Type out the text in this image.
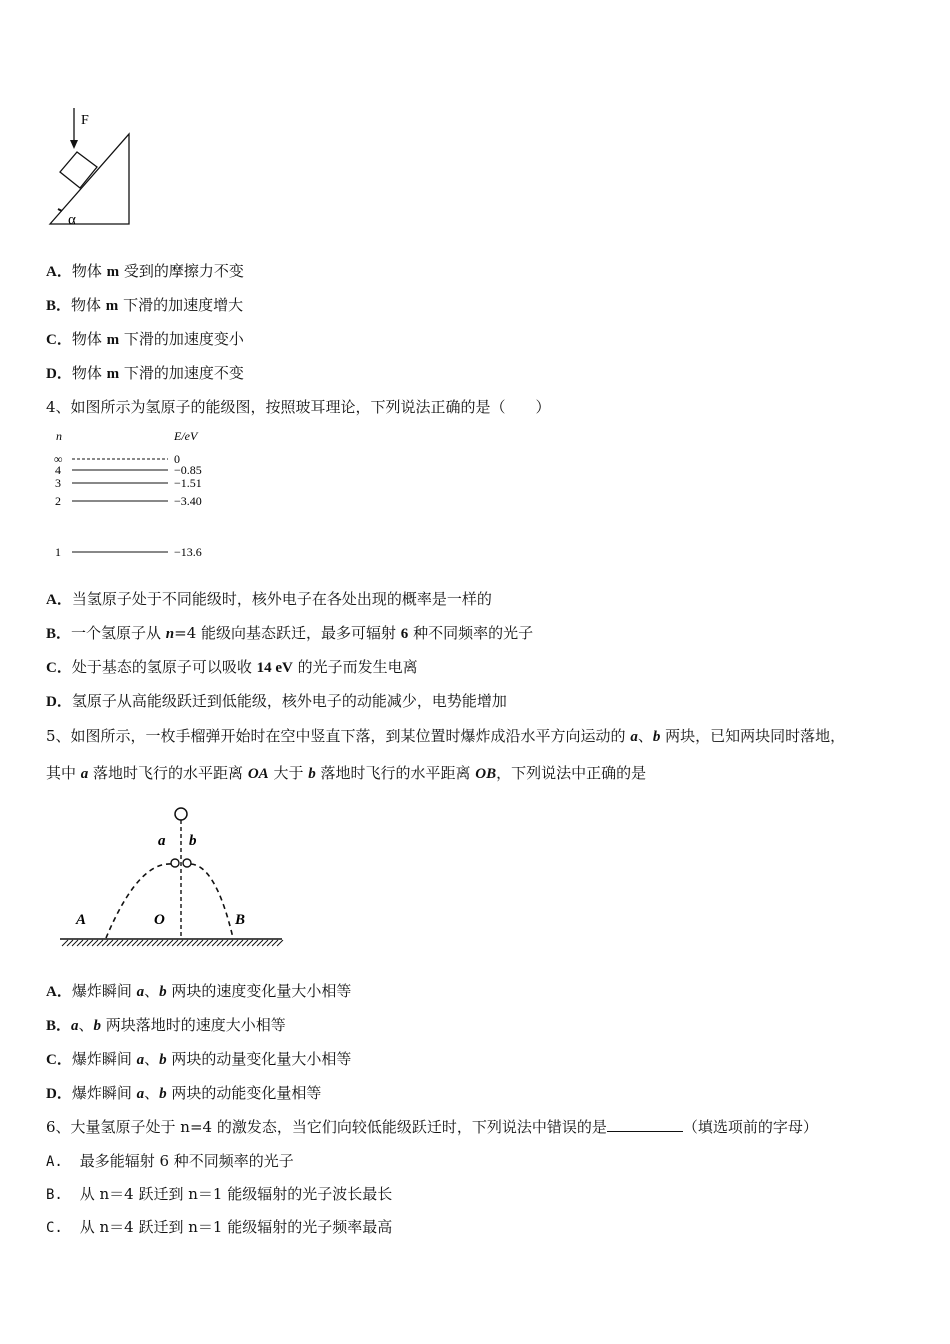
F
α
A．物体 m 受到的摩擦力不变
B．物体 m 下滑的加速度增大
C．物体 m 下滑的加速度变小
D．物体 m 下滑的加速度不变
4、如图所示为氢原子的能级图，按照玻耳理论，下列说法正确的是（　　）
n	E/eV
∞	0
4	−0.85
3	−1.51
2	−3.40
1	−13.6
A．当氢原子处于不同能级时，核外电子在各处出现的概率是一样的
B．一个氢原子从 n=4 能级向基态跃迁，最多可辐射 6 种不同频率的光子
C．处于基态的氢原子可以吸收 14 eV 的光子而发生电离
D．氢原子从高能级跃迁到低能级，核外电子的动能减少，电势能增加
5、如图所示，一枚手榴弹开始时在空中竖直下落，到某位置时爆炸成沿水平方向运动的 a、b 两块，已知两块同时落地，
其中 a 落地时飞行的水平距离 OA 大于 b 落地时飞行的水平距离 OB，下列说法中正确的是
a b
A	O	B
A．爆炸瞬间 a、b 两块的速度变化量大小相等
B．a、b 两块落地时的速度大小相等
C．爆炸瞬间 a、b 两块的动量变化量大小相等
D．爆炸瞬间 a、b 两块的动能变化量相等
6、大量氢原子处于 n=4 的激发态，当它们向较低能级跃迁时，下列说法中错误的是	（填选项前的字母）
A. 最多能辐射 6 种不同频率的光子
B. 从 n＝4 跃迁到 n＝1 能级辐射的光子波长最长
C. 从 n＝4 跃迁到 n＝1 能级辐射的光子频率最高
